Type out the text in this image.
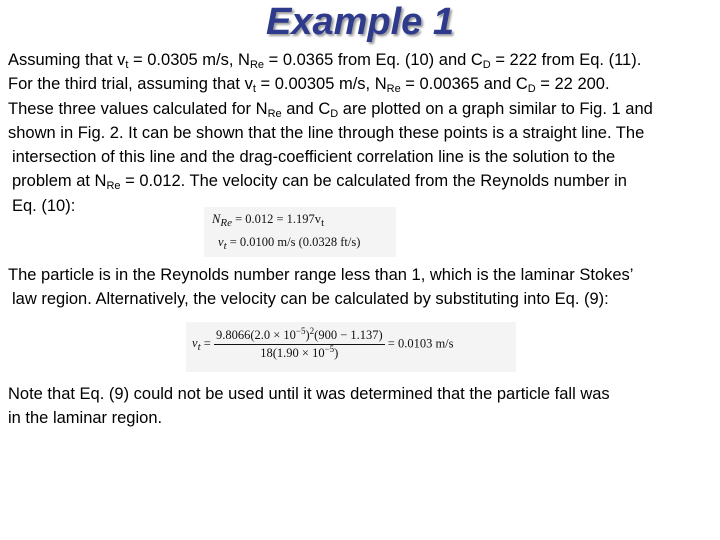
Example 1

Assuming that $v_t = 0.0305$ m/s, $N_{Re} = 0.0365$ from Eq. (10) and $C_D = 222$ from Eq. (11).
For the third trial, assuming that $v_t = 0.00305$ m/s, $N_{Re} = 0.00365$ and $C_D = 22$ 200.
These three values calculated for $N_{Re}$ and $C_D$ are plotted on a graph similar to Fig. 1 and
shown in Fig. 2. It can be shown that the line through these points is a straight line. The
intersection of this line and the drag-coefficient correlation line is the solution to the
problem at $N_{Re} = 0.012$. The velocity can be calculated from the Reynolds number in
Eq. (10):

$N_{Re} = 0.012 = 1.197v_t$
$v_t = 0.0100$ m/s (0.0328 ft/s)

The particle is in the Reynolds number range less than 1, which is the laminar Stokes’
law region. Alternatively, the velocity can be calculated by substituting into Eq. (9):

$v_t = \frac{9.8066(2.0 \times 10^{-5})^2(900 - 1.137)}{18(1.90 \times 10^{-5})} = 0.0103$ m/s

Note that Eq. (9) could not be used until it was determined that the particle fall was
in the laminar region.
